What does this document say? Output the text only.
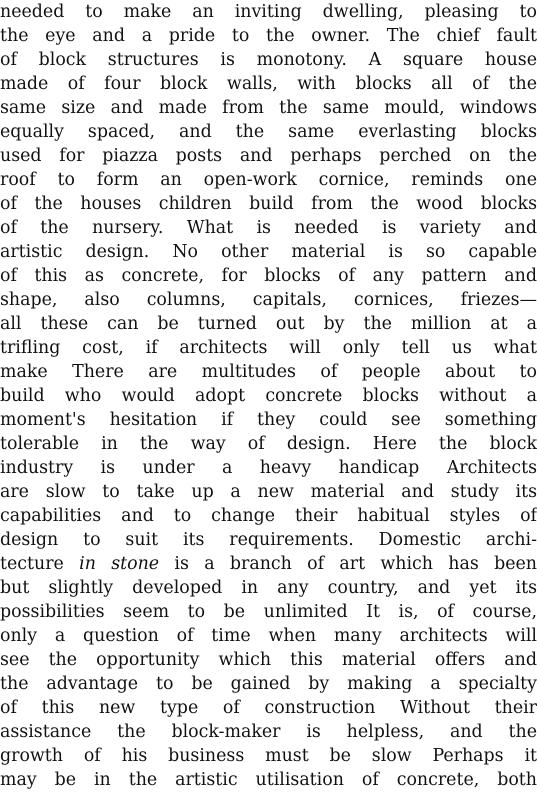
needed to make an inviting dwelling, pleasing to
the eye and a pride to the owner. The chief fault
of block structures is monotony. A square house
made of four block walls, with blocks all of the
same size and made from the same mould, windows
equally spaced, and the same everlasting blocks
used for piazza posts and perhaps perched on the
roof to form an open-work cornice, reminds one
of the houses children build from the wood blocks
of the nursery. What is needed is variety and
artistic design. No other material is so capable
of this as concrete, for blocks of any pattern and
shape, also columns, capitals, cornices, friezes—
all these can be turned out by the million at a
trifling cost, if architects will only tell us what
make There are multitudes of people about to
build who would adopt concrete blocks without a
moment's hesitation if they could see something
tolerable in the way of design. Here the block
industry is under a heavy handicap Architects
are slow to take up a new material and study its
capabilities and to change their habitual styles of
design to suit its requirements. Domestic archi-
tecture in stone is a branch of art which has been
but slightly developed in any country, and yet its
possibilities seem to be unlimited It is, of course,
only a question of time when many architects will
see the opportunity which this material offers and
the advantage to be gained by making a specialty
of this new type of construction Without their
assistance the block-maker is helpless, and the
growth of his business must be slow Perhaps it
may be in the artistic utilisation of concrete, both
